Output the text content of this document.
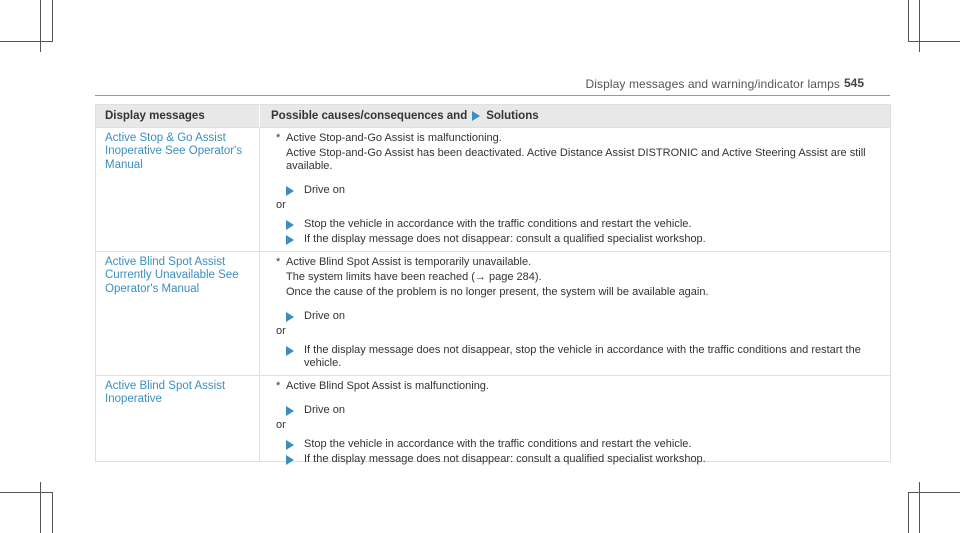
Display messages and warning/indicator lamps 545
Display messages	Possible causes/consequences and Solutions
Active Stop & Go Assist Inoperative See Operator's Manual
* Active Stop-and-Go Assist is malfunctioning.
Active Stop-and-Go Assist has been deactivated. Active Distance Assist DISTRONIC and Active Steering Assist are still available.
Drive on
or
Stop the vehicle in accordance with the traffic conditions and restart the vehicle.
If the display message does not disappear: consult a qualified specialist workshop.
Active Blind Spot Assist Currently Unavailable See Operator's Manual
* Active Blind Spot Assist is temporarily unavailable.
The system limits have been reached (→ page 284).
Once the cause of the problem is no longer present, the system will be available again.
Drive on
or
If the display message does not disappear, stop the vehicle in accordance with the traffic conditions and restart the vehicle.
Active Blind Spot Assist Inoperative
* Active Blind Spot Assist is malfunctioning.
Drive on
or
Stop the vehicle in accordance with the traffic conditions and restart the vehicle.
If the display message does not disappear: consult a qualified specialist workshop.
